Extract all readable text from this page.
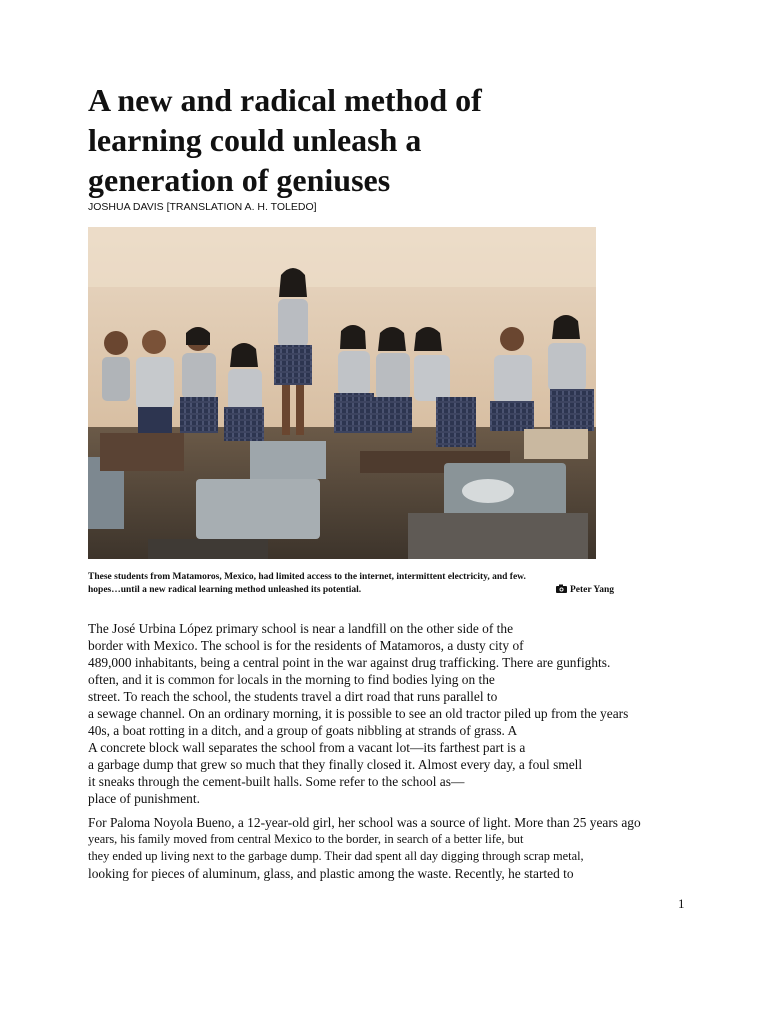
A new and radical method of
learning could unleash a
generation of geniuses
JOSHUA DAVIS [TRANSLATION A. H. TOLEDO]
These students from Matamoros, Mexico, had limited access to the internet, intermittent electricity, and few.
hopes…until a new radical learning method unleashed its potential.	Peter Yang
The José Urbina López primary school is near a landfill on the other side of the
border with Mexico. The school is for the residents of Matamoros, a dusty city of
489,000 inhabitants, being a central point in the war against drug trafficking. There are gunfights.
often, and it is common for locals in the morning to find bodies lying on the
street. To reach the school, the students travel a dirt road that runs parallel to
a sewage channel. On an ordinary morning, it is possible to see an old tractor piled up from the years
40s, a boat rotting in a ditch, and a group of goats nibbling at strands of grass. A
A concrete block wall separates the school from a vacant lot—its farthest part is a
a garbage dump that grew so much that they finally closed it. Almost every day, a foul smell
it sneaks through the cement-built halls. Some refer to the school as—
place of punishment.
For Paloma Noyola Bueno, a 12-year-old girl, her school was a source of light. More than 25 years ago
years, his family moved from central Mexico to the border, in search of a better life, but
they ended up living next to the garbage dump. Their dad spent all day digging through scrap metal,
looking for pieces of aluminum, glass, and plastic among the waste. Recently, he started to
1
